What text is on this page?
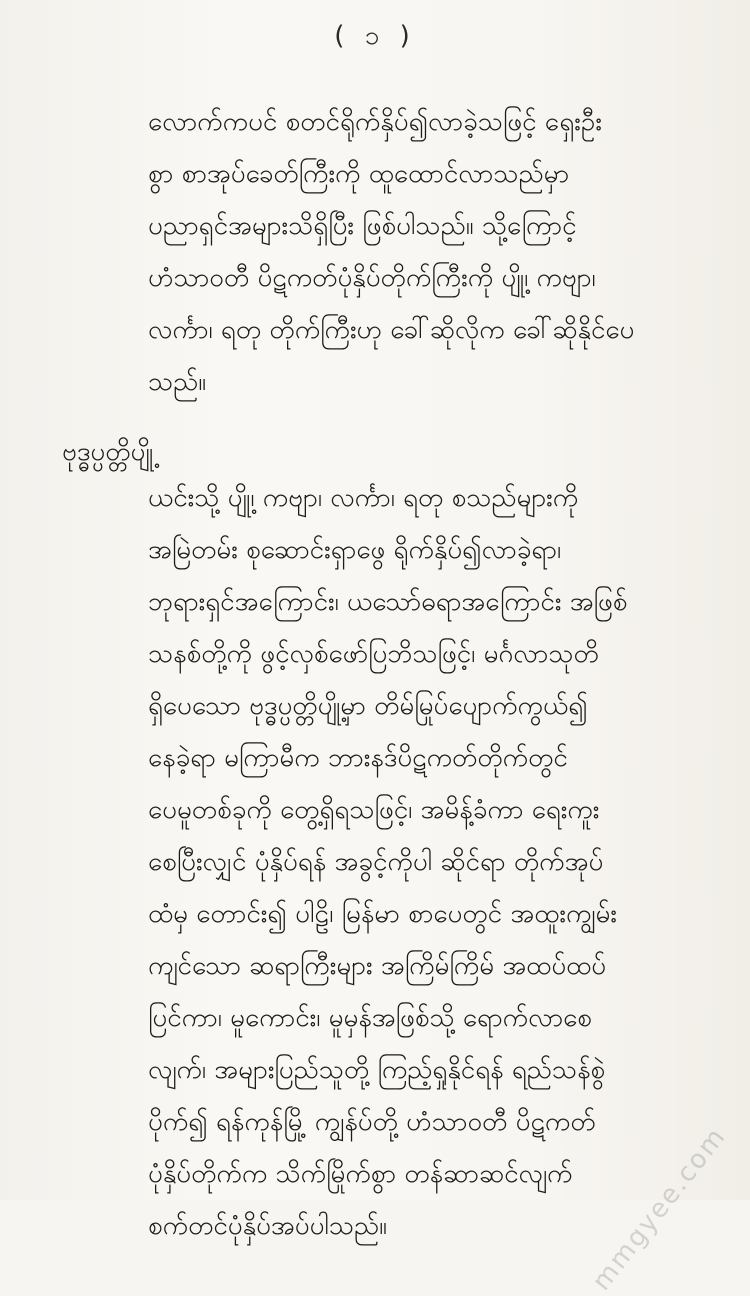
( ၁ )
လောက်ကပင် စတင်ရိုက်နှိပ်၍လာခဲ့သဖြင့် ရှေးဦး
စွာ စာအုပ်ခေတ်ကြီးကို ထူထောင်လာသည်မှာ
ပညာရှင်အများသိရှိပြီး ဖြစ်ပါသည်။ သို့ကြောင့်
ဟံသာဝတီ ပိဋကတ်ပုံနှိပ်တိုက်ကြီးကို ပျို့၊ ကဗျာ၊
လင်္ကာ၊ ရတု တိုက်ကြီးဟု ခေါ်ဆိုလိုက ခေါ်ဆိုနိုင်ပေ
သည်။
ဗုဒ္ဓပ္ပတ္တိပျို့
ယင်းသို့ ပျို့၊ ကဗျာ၊ လင်္ကာ၊ ရတု စသည်များကို
အမြဲတမ်း စုဆောင်းရှာဖွေ ရိုက်နှိပ်၍လာခဲ့ရာ၊
ဘုရားရှင်အကြောင်း၊ ယသော်ဓရာအကြောင်း အဖြစ်
သနစ်တို့ကို ဖွင့်လှစ်ဖော်ပြဘိသဖြင့်၊ မင်္ဂလာသုတိ
ရှိပေသော ဗုဒ္ဓပ္ပတ္တိပျို့မှာ တိမ်မြုပ်ပျောက်ကွယ်၍
နေခဲ့ရာ မကြာမီက ဘားနဒ်ပိဋကတ်တိုက်တွင်
ပေမူတစ်ခုကို တွေ့ရှိရသဖြင့်၊ အမိန့်ခံကာ ရေးကူး
စေပြီးလျှင် ပုံနှိပ်ရန် အခွင့်ကိုပါ ဆိုင်ရာ တိုက်အုပ်
ထံမှ တောင်း၍ ပါဠိ၊ မြန်မာ စာပေတွင် အထူးကျွမ်း
ကျင်သော ဆရာကြီးများ အကြိမ်ကြိမ် အထပ်ထပ်
ပြင်ကာ၊ မူကောင်း၊ မူမှန်အဖြစ်သို့ ရောက်လာစေ
လျက်၊ အများပြည်သူတို့ ကြည့်ရှုနိုင်ရန် ရည်သန်စွဲ
ပိုက်၍ ရန်ကုန်မြို့ ကျွန်ပ်တို့ ဟံသာဝတီ ပိဋကတ်
ပုံနှိပ်တိုက်က သိက်မြိုက်စွာ တန်ဆာဆင်လျက်
စက်တင်ပုံနှိပ်အပ်ပါသည်။	mmgyee.com
